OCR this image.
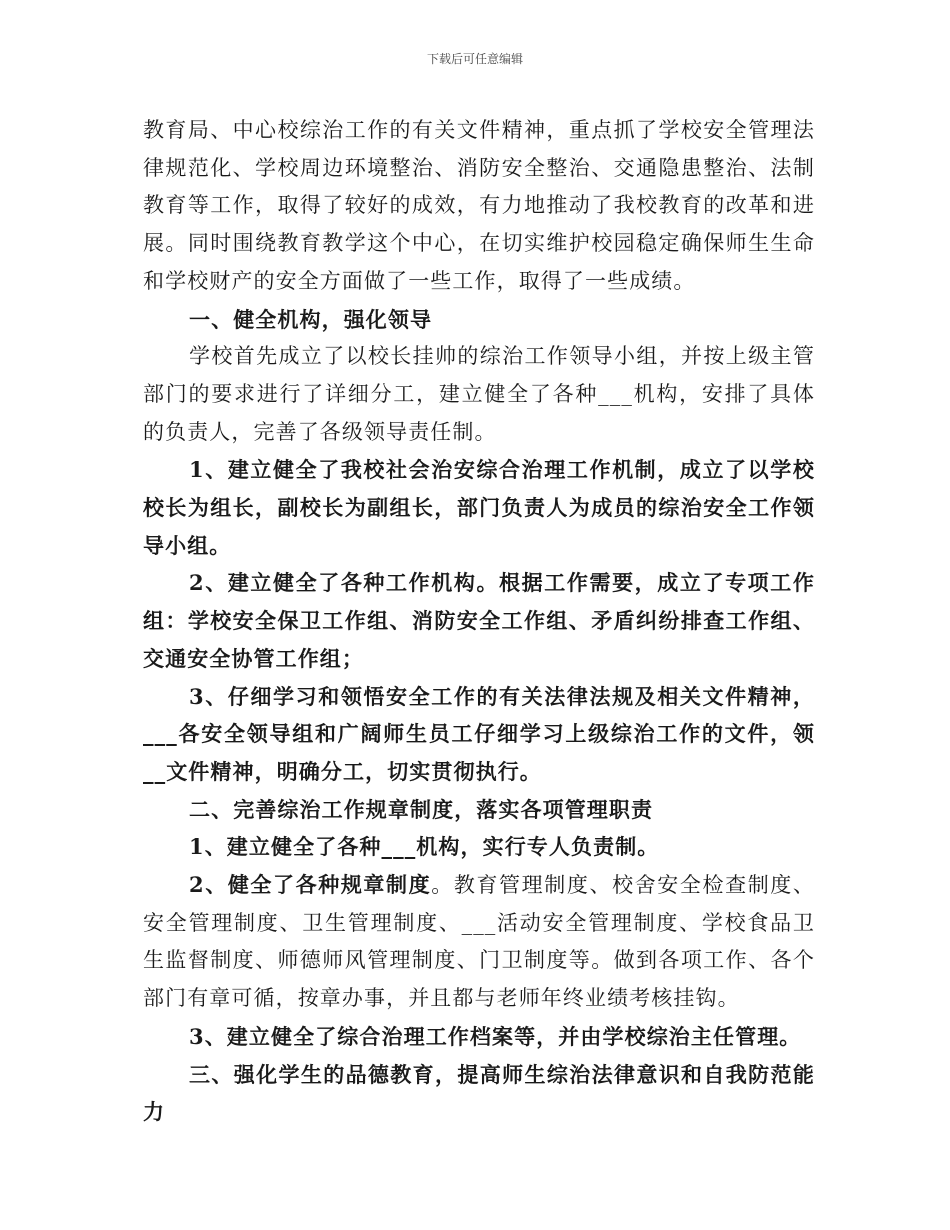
下载后可任意编辑

教育局、中心校综治工作的有关文件精神，重点抓了学校安全管理法律规范化、学校周边环境整治、消防安全整治、交通隐患整治、法制教育等工作，取得了较好的成效，有力地推动了我校教育的改革和进展。同时围绕教育教学这个中心，在切实维护校园稳定确保师生生命和学校财产的安全方面做了一些工作，取得了一些成绩。

一、健全机构，强化领导

学校首先成立了以校长挂帅的综治工作领导小组，并按上级主管部门的要求进行了详细分工，建立健全了各种___机构，安排了具体的负责人，完善了各级领导责任制。

1、建立健全了我校社会治安综合治理工作机制，成立了以学校校长为组长，副校长为副组长，部门负责人为成员的综治安全工作领导小组。

2、建立健全了各种工作机构。根据工作需要，成立了专项工作组：学校安全保卫工作组、消防安全工作组、矛盾纠纷排查工作组、交通安全协管工作组；

3、仔细学习和领悟安全工作的有关法律法规及相关文件精神，___各安全领导组和广阔师生员工仔细学习上级综治工作的文件，领__文件精神，明确分工，切实贯彻执行。

二、完善综治工作规章制度，落实各项管理职责

1、建立健全了各种___机构，实行专人负责制。

2、健全了各种规章制度。教育管理制度、校舍安全检查制度、安全管理制度、卫生管理制度、___活动安全管理制度、学校食品卫生监督制度、师德师风管理制度、门卫制度等。做到各项工作、各个部门有章可循，按章办事，并且都与老师年终业绩考核挂钩。

3、建立健全了综合治理工作档案等，并由学校综治主任管理。

三、强化学生的品德教育，提高师生综治法律意识和自我防范能力
